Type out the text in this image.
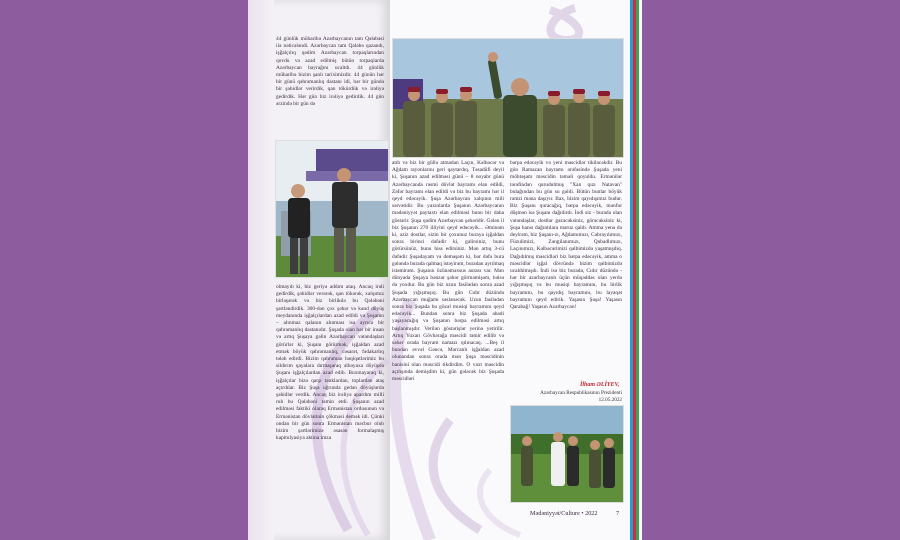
44 günlük müharibə Azərbaycanın tam Qələbəsi ilə nəticələndi. Azərbaycan tam Qələbə qazandı, işğalçılıq qədim Azərbaycan torpaqlarından qovdu və azad edilmiş bütün torpaqlarda Azərbaycan bayrağını ucaltdı. 44 günlük müharibə bizim şanlı tariximizdir. 44 günün hər bir günü qəhrəmanlıq dastanı idi, hər bir gündə bir şəhidlər verirdik, qan tökürdük və irəliyə gedirdik. Hər gün biz irəliyə gedirdik. 44 gün ərzində bir gün də
olmayıb ki, biz geriyə addım ataq. Ancaq irəli gedirdik, şəhidlər verərək, qan tökərək, xalqımız birləşərək və biz birlikdə bu Qələbəni şərtləndirdik. 300-dən çox şəhər və kənd döyüş meydanında işğalçılardan azad edildi və Şuşanın – alınmaz qalanın alınması isə ayrıca bir qəhrəmanlıq dastanıdır. Şuşada olan hər bir insan və artıq Şuşaya gəlin Azərbaycan vətəndaşları görürlər ki, Şuşanı görürmək, işğaldan azad etmək böyük qəhrəmanlıq, cəsarət, fədakarlıq tələb edirdi. Bizim qəhrəman həqiqətlərimiz bu sildırım qayalara dırmaşaraq əlbəyaxa döyüşdə Şuşanı işğalçılardan azad edib. Buxmayaraq ki, işğalçılar bizə qarşı tanklardan, toplardan ataş açırdılar. Biz Şuşa uğrunda gedən döyüşlərdə şəhidlər verdik. Ancaq biz irəliyə apardım milli ruh bu Qələbəni təmin etdi. Şuşanın azad edilməsi faktiki olaraq Ermənistan ordusunun və Ermənistan dövlətinin çökməsi demək idi. Çünki ondan bir gün sonra Ermənistan məcbur olub bizim şərtlərimizə əsasən formalaşmış kapitulyasiya aktına imza
atıb və biz bir güllə atmadan Laçın, Kəlbəcər və Ağdam rayonlarını geri qaytardıq. Təsadüfi deyil ki, Şuşanın azad edilməsi günü – 8 noyabr günü Azərbaycanda rəsmi dövlət bayramı elan edildi, Zəfər bayramı elan edildi və biz bu bayramı hər il qeyd edəcəyik. Şuşa Azərbaycan xalqının mili sərvətidir. Bu yaxınlarda Şuşanın Azərbaycanın mədəniyyət paytaxtı elan edilməsi bunu bir daha göstərir. Şuşa qədim Azərbaycan şəhəridir. Gələn il biz Şuşanın 270 illiyini qeyd edəcəyik... Əminəm ki, əziz dostlar, sizin bir çoxunuz buraya işğaldan sonra birinci dəfədir ki, gəlirsiniz, bunu görürsünüz, bunu hiss edirsiniz. Mən artıq 3-cü dəfədir Şuşadayam və deməşəm ki, hər dəfə bura gələndə burada qalmaq istəyirəm, buradan ayrılmaq istəmirəm. Şuşanın özünəməxsus aurası var. Mən dünyada Şuşaya bənzər şəhər görməmişəm, həlsə də yoxdur. Bu gün biz uzun fasilədən sonra azad Şuşada yığışmışıq. Bu gün Cıdır düzündə Azərbaycan muğamı səslənəcək. Uzun fasilədən sonra biz Şuşada bu gözəl musiqi bayramını qeyd edəcəyik... Bundan sonra biz Şuşada əbədi yaşayacağıq və Şuşanın bərpa edilməsi artıq başlanmışdır. Verilən göstərişlər yerinə yetirilir. Artıq Yuxarı Gövhərağa məscidi təmir edilib və səhər orada bayram namazı qılınacaq. ...Beş il bundan əvvəl Gəncə, Mərcanlı işğaldan azad olunandan sonra orada mən Şuşa məscidinin banisini olan məscidi tikdirdim. O vaxt məscidin açılışında demişdim ki, gün gələcək biz Şuşada məscidləri
bərpa edəcəyik və yeni məscidlər tikiləcəkdir. Bu gün Ramazan bayramı ərəfəsində Şuşada yeni möhtəşəm məscidin təməli qoyuldu. Ermənilər tərəfindən qurudulmuş "Xan qızı Natavan" bulağından bu gün su gəldi. Bütün bunlar böyük rəmzi məna daşıyır. Bax, bizim qayıdışımız budur. Biz Şuşanı quracağıq, bərpa edəcəyik, mənfur düşmən isə Şuşanı dağıdırdı. İndi siz - burada olan vətəndaşlar, dostlar gəzəcəksiniz, görəcəksiniz ki, Şuşa hansı dağıntılara məruz qalıb. Amma yenə də deyirəm, biz Şuşanı-zı, Ağdamımızı, Cəbrayılımızı, Füzulimizi, Zəngilanımızı, Qubadlımızı, Laçınımızı, Kəlbəcərimizi qəlbimizdə yaşatmışdıq. Dağıdılmış məscidləri biz bərpa edəcəyik, amma o məscidlər işğal dövründə bizim qəlbimizdə ucaldılmışdı. İndi isə biz burada, Cıdır düzündə - hər bir azərbaycanlı üçün müqəddəs olan yerdə yığışmışıq və bu musiqi bayramını, bu birlik bayramını, bu qayıdış bayramını, bu layaqət bayramını qeyd edirik. Yaşasın Şuşa! Yaşasın Qarabağ! Yaşasın Azərbaycan!
İlham ƏLİYEV,
Azərbaycan Respublikasının Prezidenti
12.05.2022
Mədəniyyət/Culture • 2022	7
